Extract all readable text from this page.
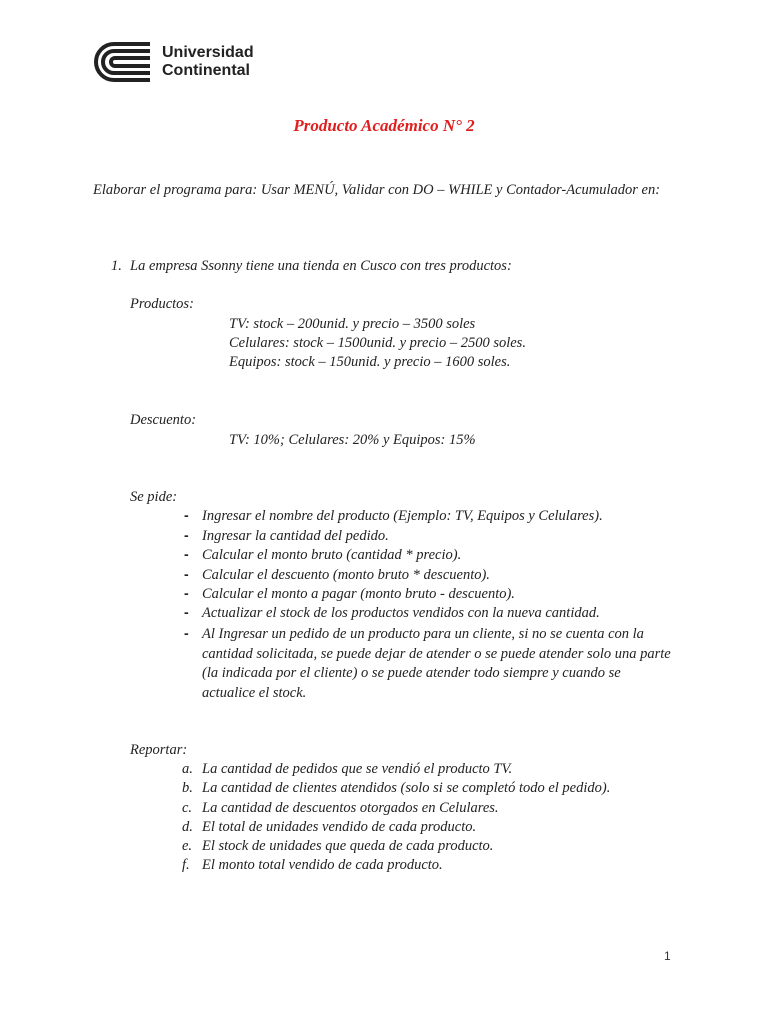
Universidad
Continental
Producto Académico N° 2
Elaborar el programa para: Usar MENÚ, Validar con DO – WHILE y Contador-Acumulador en:
1. La empresa Ssonny tiene una tienda en Cusco con tres productos:
Productos:
TV: stock – 200unid. y precio – 3500 soles
Celulares: stock – 1500unid. y precio – 2500 soles.
Equipos: stock – 150unid. y precio – 1600 soles.
Descuento:
TV: 10%; Celulares: 20% y Equipos: 15%
Se pide:
- Ingresar el nombre del producto (Ejemplo: TV, Equipos y Celulares).
- Ingresar la cantidad del pedido.
- Calcular el monto bruto (cantidad * precio).
- Calcular el descuento (monto bruto * descuento).
- Calcular el monto a pagar (monto bruto - descuento).
- Actualizar el stock de los productos vendidos con la nueva cantidad.
- Al Ingresar un pedido de un producto para un cliente, si no se cuenta con la cantidad solicitada, se puede dejar de atender o se puede atender solo una parte (la indicada por el cliente) o se puede atender todo siempre y cuando se actualice el stock.
Reportar:
a. La cantidad de pedidos que se vendió el producto TV.
b. La cantidad de clientes atendidos (solo si se completó todo el pedido).
c. La cantidad de descuentos otorgados en Celulares.
d. El total de unidades vendido de cada producto.
e. El stock de unidades que queda de cada producto.
f. El monto total vendido de cada producto.
1
